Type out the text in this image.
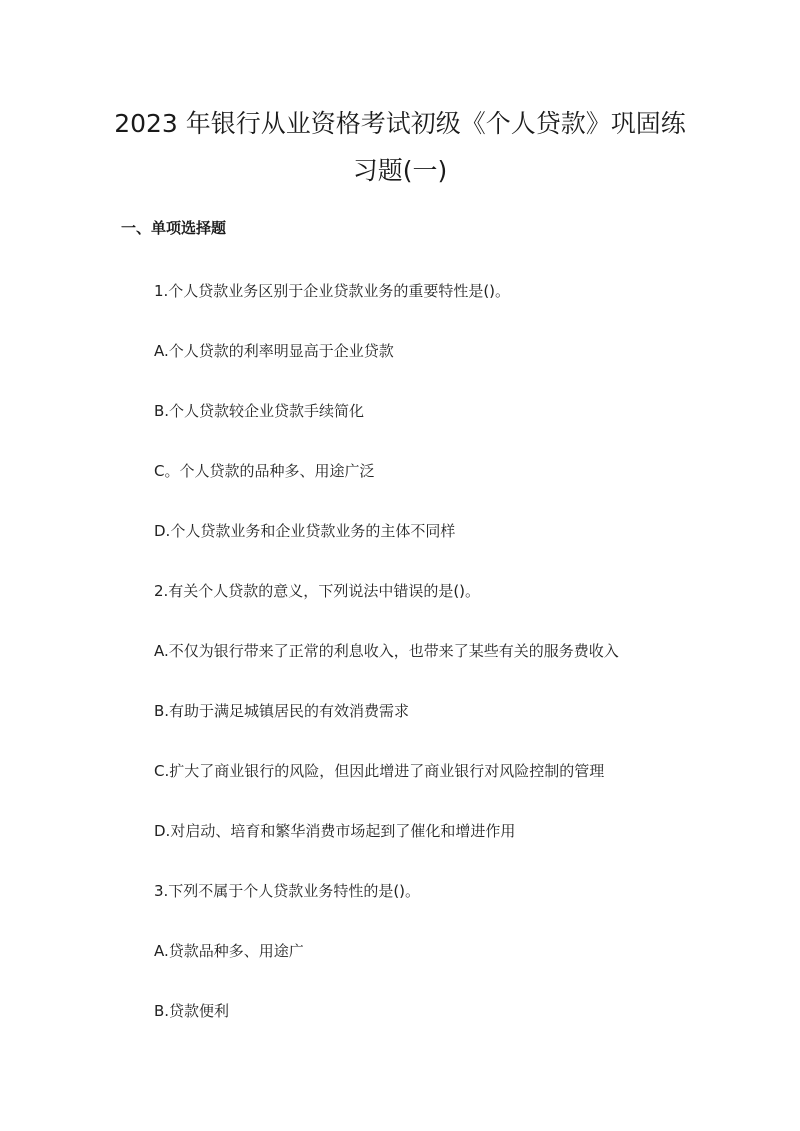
2023 年银行从业资格考试初级《个人贷款》巩固练
习题(一)
一、单项选择题
1.个人贷款业务区别于企业贷款业务的重要特性是()。
A.个人贷款的利率明显高于企业贷款
B.个人贷款较企业贷款手续简化
C。个人贷款的品种多、用途广泛
D.个人贷款业务和企业贷款业务的主体不同样
2.有关个人贷款的意义，下列说法中错误的是()。
A.不仅为银行带来了正常的利息收入，也带来了某些有关的服务费收入
B.有助于满足城镇居民的有效消费需求
C.扩大了商业银行的风险，但因此增进了商业银行对风险控制的管理
D.对启动、培育和繁华消费市场起到了催化和增进作用
3.下列不属于个人贷款业务特性的是()。
A.贷款品种多、用途广
B.贷款便利
